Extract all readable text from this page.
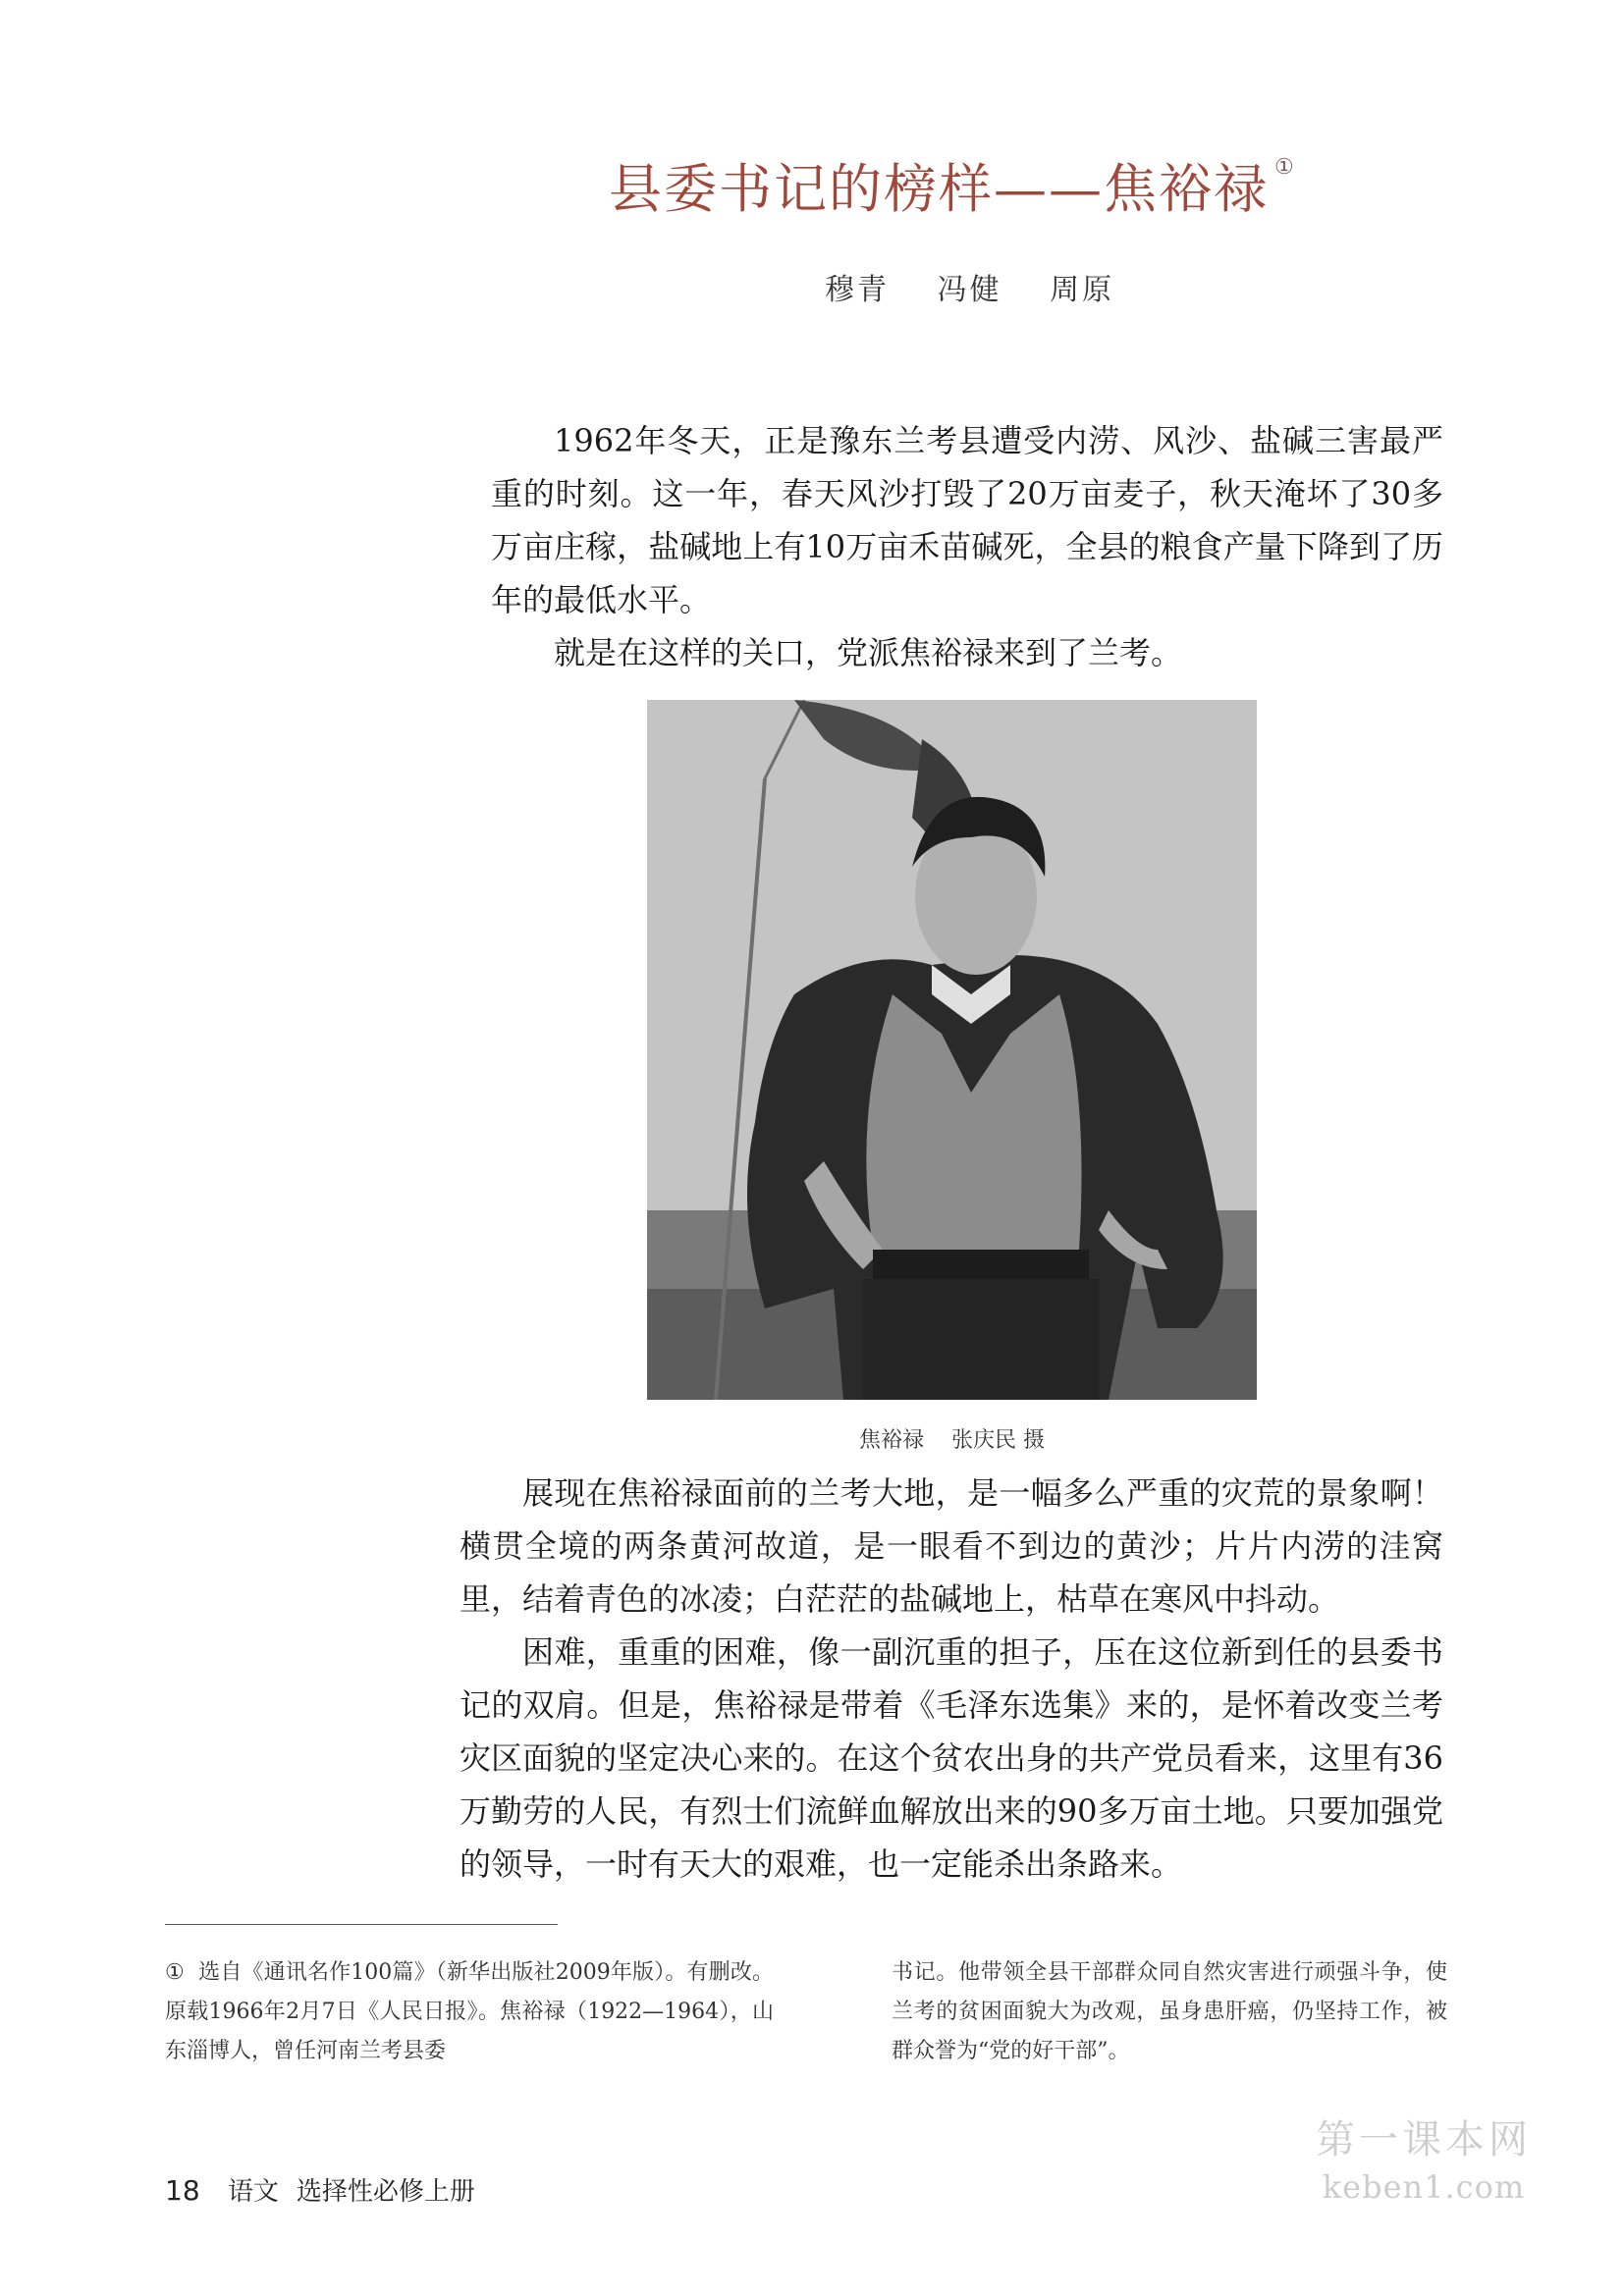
县委书记的榜样——焦裕禄 ①
穆青 冯健 周原

1962年冬天，正是豫东兰考县遭受内涝、风沙、盐碱三害最严重的时刻。这一年，春天风沙打毁了20万亩麦子，秋天淹坏了30多万亩庄稼，盐碱地上有10万亩禾苗碱死，全县的粮食产量下降到了历年的最低水平。

就是在这样的关口，党派焦裕禄来到了兰考。

焦裕禄 张庆民 摄

展现在焦裕禄面前的兰考大地，是一幅多么严重的灾荒的景象啊！横贯全境的两条黄河故道，是一眼看不到边的黄沙；片片内涝的洼窝里，结着青色的冰凌；白茫茫的盐碱地上，枯草在寒风中抖动。

困难，重重的困难，像一副沉重的担子，压在这位新到任的县委书记的双肩。但是，焦裕禄是带着《毛泽东选集》来的，是怀着改变兰考灾区面貌的坚定决心来的。在这个贫农出身的共产党员看来，这里有36万勤劳的人民，有烈士们流鲜血解放出来的90多万亩土地。只要加强党的领导，一时有天大的艰难，也一定能杀出条路来。

① 选自《通讯名作100篇》（新华出版社2009年版）。有删改。原载1966年2月7日《人民日报》。焦裕禄（1922—1964），山东淄博人，曾任河南兰考县委
书记。他带领全县干部群众同自然灾害进行顽强斗争，使兰考的贫困面貌大为改观，虽身患肝癌，仍坚持工作，被群众誉为“党的好干部”。
18 语文 选择性必修上册
第一课本网
keben1.com
